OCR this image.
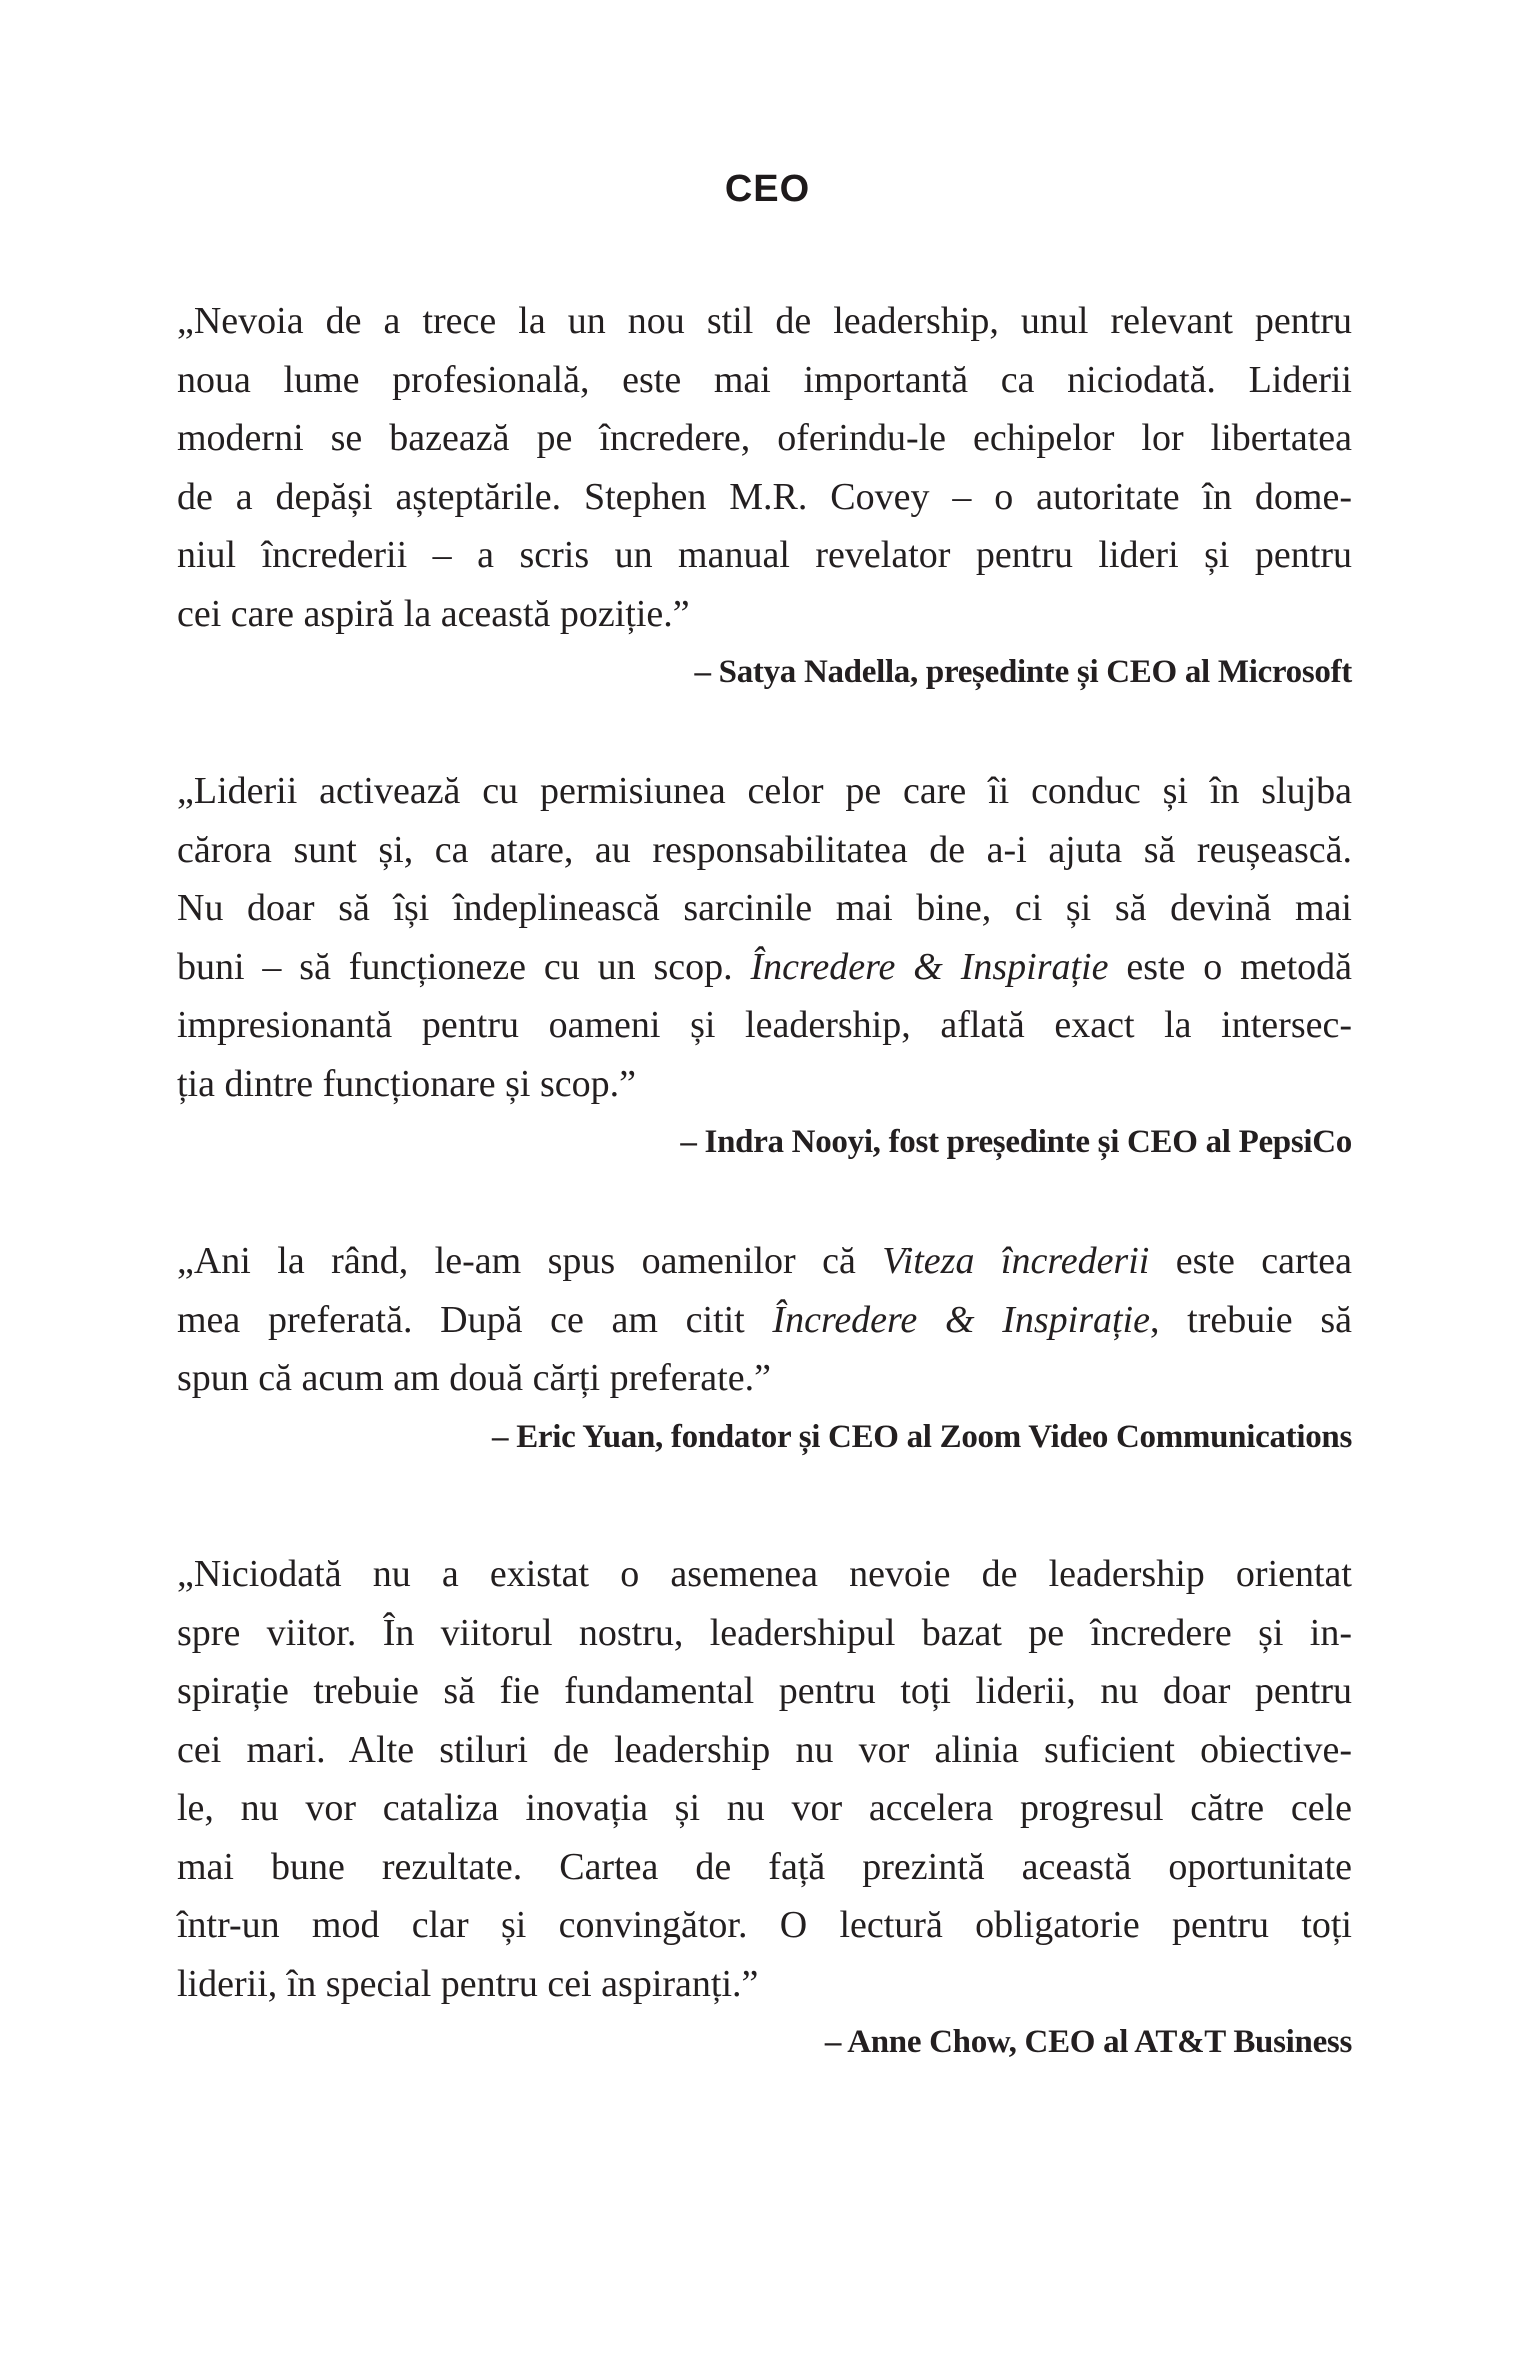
CEO
„Nevoia de a trece la un nou stil de leadership, unul relevant pentru
noua lume profesională, este mai importantă ca niciodată. Liderii
moderni se bazează pe încredere, oferindu-le echipelor lor libertatea
de a depăși așteptările. Stephen M.R. Covey – o autoritate în dome-
niul încrederii – a scris un manual revelator pentru lideri și pentru
cei care aspiră la această poziție.”
– Satya Nadella, președinte și CEO al Microsoft
„Liderii activează cu permisiunea celor pe care îi conduc și în slujba
cărora sunt și, ca atare, au responsabilitatea de a-i ajuta să reușească.
Nu doar să își îndeplinească sarcinile mai bine, ci și să devină mai
buni – să funcționeze cu un scop. Încredere & Inspirație este o metodă
impresionantă pentru oameni și leadership, aflată exact la intersec-
ția dintre funcționare și scop.”
– Indra Nooyi, fost președinte și CEO al PepsiCo
„Ani la rând, le-am spus oamenilor că Viteza încrederii este cartea
mea preferată. După ce am citit Încredere & Inspirație, trebuie să
spun că acum am două cărți preferate.”
– Eric Yuan, fondator și CEO al Zoom Video Communications
„Niciodată nu a existat o asemenea nevoie de leadership orientat
spre viitor. În viitorul nostru, leadershipul bazat pe încredere și in-
spirație trebuie să fie fundamental pentru toți liderii, nu doar pentru
cei mari. Alte stiluri de leadership nu vor alinia suficient obiective-
le, nu vor cataliza inovația și nu vor accelera progresul către cele
mai bune rezultate. Cartea de față prezintă această oportunitate
într-un mod clar și convingător. O lectură obligatorie pentru toți
liderii, în special pentru cei aspiranți.”
– Anne Chow, CEO al AT&T Business
